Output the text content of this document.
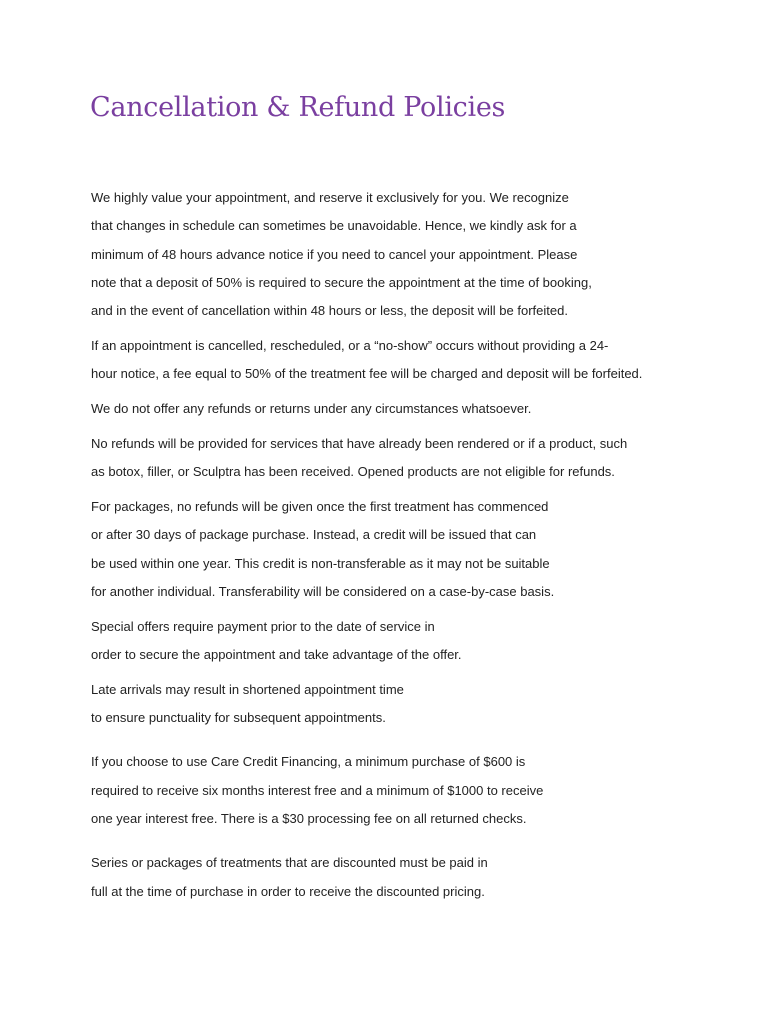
Cancellation & Refund Policies

We highly value your appointment, and reserve it exclusively for you. We recognize that changes in schedule can sometimes be unavoidable. Hence, we kindly ask for a minimum of 48 hours advance notice if you need to cancel your appointment. Please note that a deposit of 50% is required to secure the appointment at the time of booking, and in the event of cancellation within 48 hours or less, the deposit will be forfeited.

If an appointment is cancelled, rescheduled, or a “no-show” occurs without providing a 24-hour notice, a fee equal to 50% of the treatment fee will be charged and deposit will be forfeited.

We do not offer any refunds or returns under any circumstances whatsoever.

No refunds will be provided for services that have already been rendered or if a product, such as botox, filler, or Sculptra has been received. Opened products are not eligible for refunds.

For packages, no refunds will be given once the first treatment has commenced or after 30 days of package purchase. Instead, a credit will be issued that can be used within one year. This credit is non-transferable as it may not be suitable for another individual. Transferability will be considered on a case-by-case basis.

Special offers require payment prior to the date of service in order to secure the appointment and take advantage of the offer.

Late arrivals may result in shortened appointment time to ensure punctuality for subsequent appointments.

If you choose to use Care Credit Financing, a minimum purchase of $600 is required to receive six months interest free and a minimum of $1000 to receive one year interest free. There is a $30 processing fee on all returned checks.

Series or packages of treatments that are discounted must be paid in full at the time of purchase in order to receive the discounted pricing.
